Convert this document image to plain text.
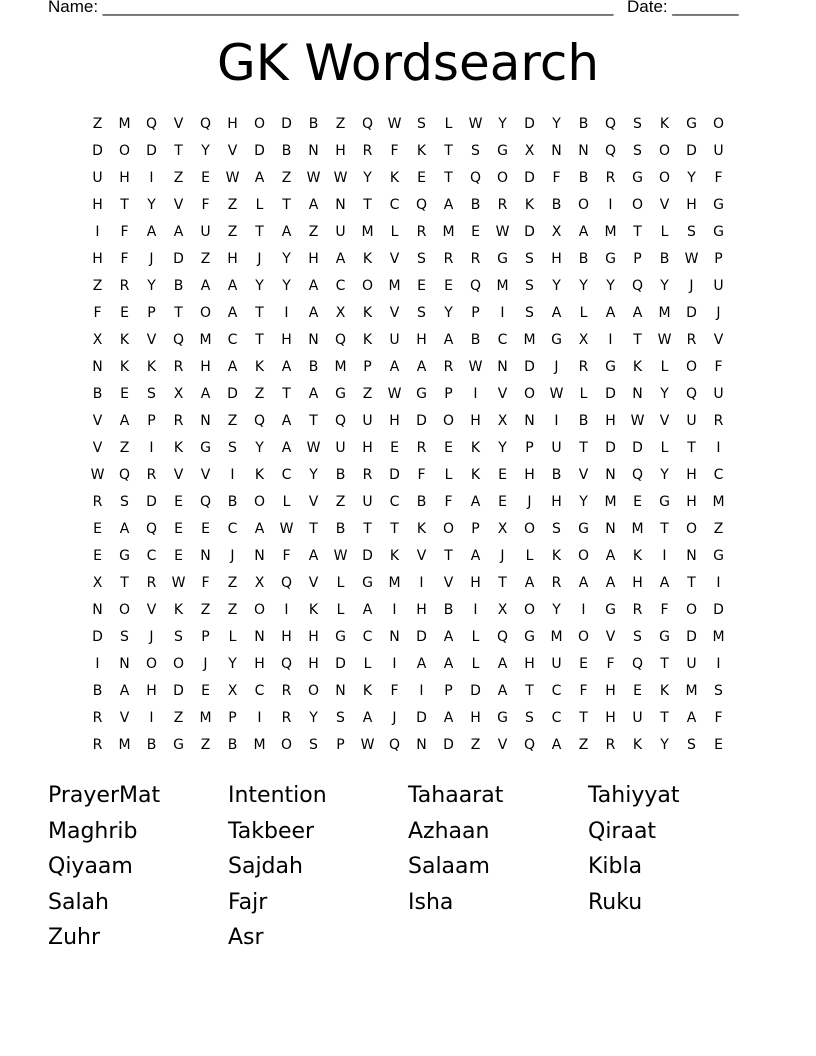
Name: ______________________________________________________ Date: _______
GK Wordsearch
Z	M	Q	V	Q	H	O	D	B	Z	Q	W	S	L	W	Y	D	Y	B	Q	S	K	G	O
D	O	D	T	Y	V	D	B	N	H	R	F	K	T	S	G	X	N	N	Q	S	O	D	U
U	H	I	Z	E	W	A	Z	W W	Y	K	E	T	Q	O	D	F	B	R	G	O	Y	F
H	T	Y	V	F	Z	L	T	A	N	T	C	Q	A	B	R	K	B	O	I	O	V	H	G
I	F	A	A	U	Z	T	A	Z	U	M	L	R	M	E	W	D	X	A	M	T	L	S	G
H	F	J	D	Z	H	J	Y	H	A	K	V	S	R	R	G	S	H	B	G	P	B	W	P
Z	R	Y	B	A	A	Y	Y	A	C	O	M	E	E	Q	M	S	Y	Y	Y	Q	Y	J	U
F	E	P	T	O	A	T	I	A	X	K	V	S	Y	P	I	S	A	L	A	A	M	D	J
X	K	V	Q	M	C	T	H	N	Q	K	U	H	A	B	C	M	G	X	I	T	W	R	V
N	K	K	R	H	A	K	A	B	M	P	A	A	R	W	N	D	J	R	G	K	L	O	F
B	E	S	X	A	D	Z	T	A	G	Z	W	G	P	I	V	O	W	L	D	N	Y	Q	U
V	A	P	R	N	Z	Q	A	T	Q	U	H	D	O	H	X	N	I	B	H	W	V	U	R
V	Z	I	K	G	S	Y	A	W	U	H	E	R	E	K	Y	P	U	T	D	D	L	T	I
W	Q	R	V	V	I	K	C	Y	B	R	D	F	L	K	E	H	B	V	N	Q	Y	H	C
R	S	D	E	Q	B	O	L	V	Z	U	C	B	F	A	E	J	H	Y	M	E	G	H	M
E	A	Q	E	E	C	A	W	T	B	T	T	K	O	P	X	O	S	G	N	M	T	O	Z
E	G	C	E	N	J	N	F	A	W	D	K	V	T	A	J	L	K	O	A	K	I	N	G
X	T	R	W	F	Z	X	Q	V	L	G	M	I	V	H	T	A	R	A	A	H	A	T	I
N	O	V	K	Z	Z	O	I	K	L	A	I	H	B	I	X	O	Y	I	G	R	F	O	D
D	S	J	S	P	L	N	H	H	G	C	N	D	A	L	Q	G	M	O	V	S	G	D	M
I	N	O	O	J	Y	H	Q	H	D	L	I	A	A	L	A	H	U	E	F	Q	T	U	I
B	A	H	D	E	X	C	R	O	N	K	F	I	P	D	A	T	C	F	H	E	K	M	S
R	V	I	Z	M	P	I	R	Y	S	A	J	D	A	H	G	S	C	T	H	U	T	A	F
R	M	B	G	Z	B	M	O	S	P	W	Q	N	D	Z	V	Q	A	Z	R	K	Y	S	E
PrayerMat	Intention	Tahaarat	Tahiyyat
Maghrib	Takbeer	Azhaan	Qiraat
Qiyaam	Sajdah	Salaam	Kibla
Salah	Fajr	Isha	Ruku
Zuhr	Asr
